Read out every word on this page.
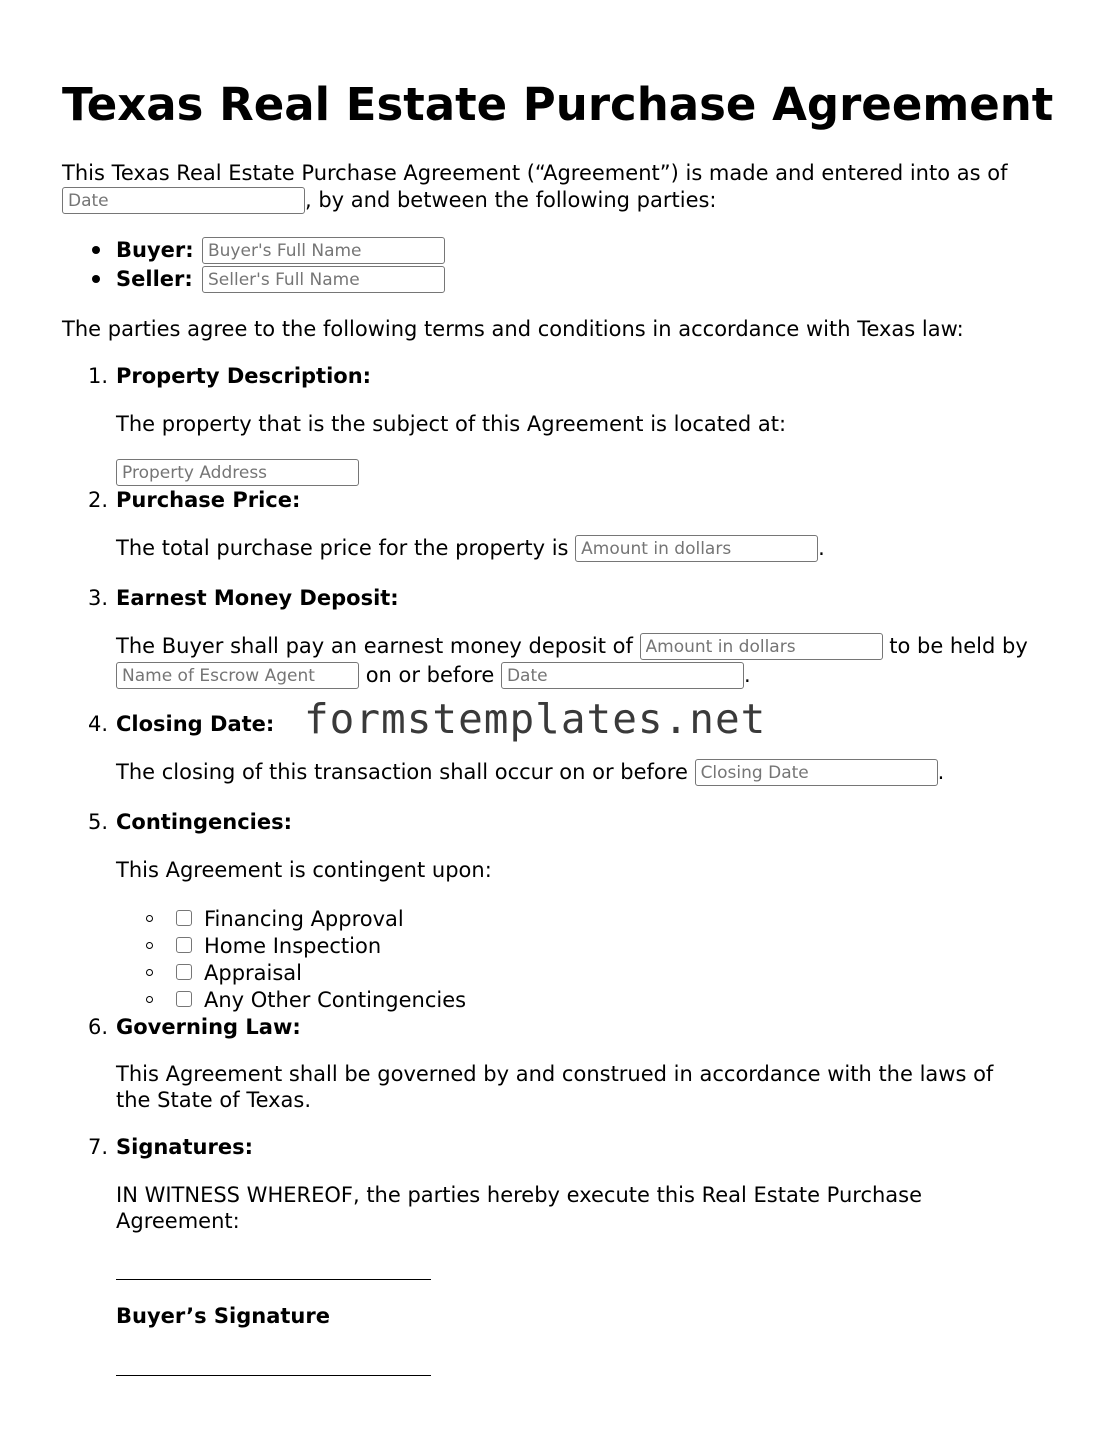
Texas Real Estate Purchase Agreement
This Texas Real Estate Purchase Agreement (“Agreement”) is made and entered into as of
Date, by and between the following parties:
Buyer:
Buyer's Full Name
Seller:
Seller's Full Name
The parties agree to the following terms and conditions in accordance with Texas law:
1. Property Description:
The property that is the subject of this Agreement is located at:
Property Address
2. Purchase Price:
The total purchase price for the property is Amount in dollars	.
3. Earnest Money Deposit:
The Buyer shall pay an earnest money deposit of Amount in dollars	to be held by
Name of Escrow Agent on or before Date	.
4. Closing Date: formstemplates.net
The closing of this transaction shall occur on or before Closing Date	.
5. Contingencies:
This Agreement is contingent upon:
Financing Approval
Home Inspection
Appraisal
Any Other Contingencies
6. Governing Law:
This Agreement shall be governed by and construed in accordance with the laws of
the State of Texas.
7. Signatures:
IN WITNESS WHEREOF, the parties hereby execute this Real Estate Purchase
Agreement:
Buyer’s Signature
